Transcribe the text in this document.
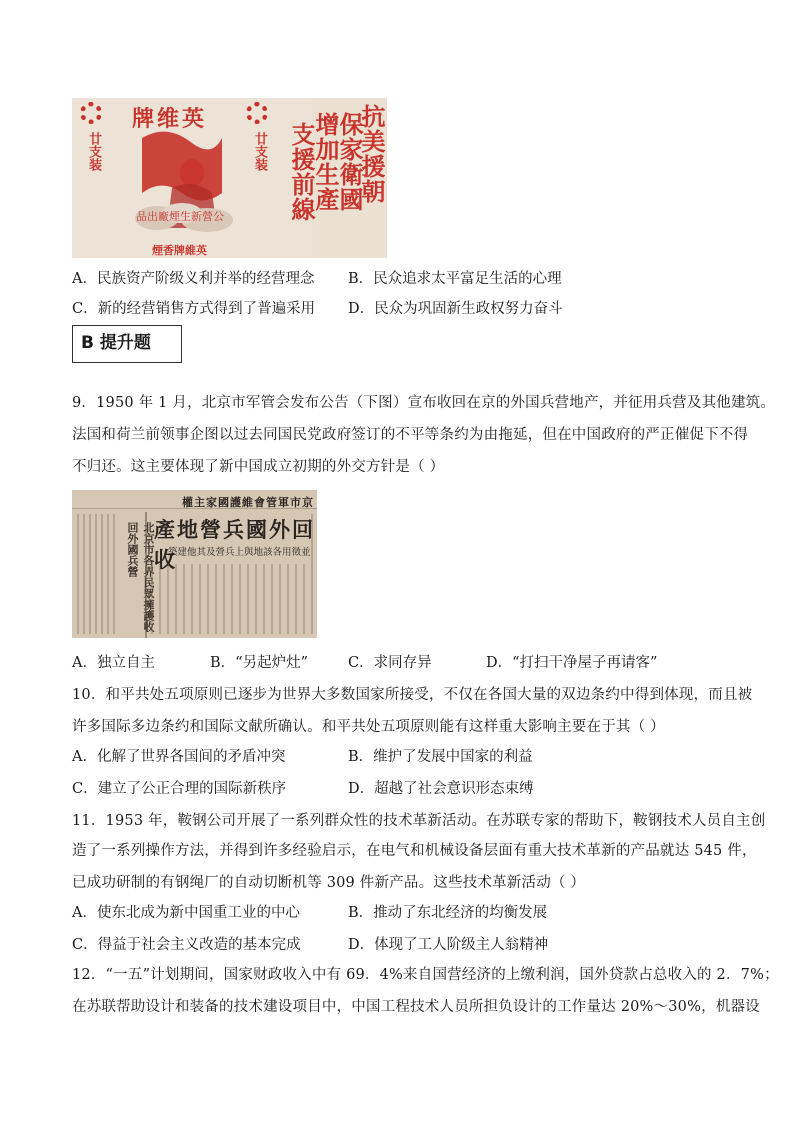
牌维英
廿支装	廿支装	抗美援朝
保家衛國
增加生產
支援前線
品出廠煙生新營公
煙香牌維英
A．民族资产阶级义利并举的经营理念 B．民众追求太平富足生活的心理
C．新的经营销售方式得到了普遍采用 D．民众为巩固新生政权努力奋斗
B 提升题
9．1950 年 1 月，北京市军管会发布公告（下图）宣布收回在京的外国兵营地产，并征用兵营及其他建筑。
法国和荷兰前领事企图以过去同国民党政府签订的不平等条约为由拖延，但在中国政府的严正催促下不得
不归还。这主要体现了新中国成立初期的外交方针是（ ）
權主家國護維會管軍市京
產地營兵國外回收
築建他其及營兵上與地該各用徵並
北京市各界民眾擁護收回外國兵營
A．独立自主	B．“另起炉灶”	C．求同存异	D．“打扫干净屋子再请客”
10．和平共处五项原则已逐步为世界大多数国家所接受，不仅在各国大量的双边条约中得到体现，而且被
许多国际多边条约和国际文献所确认。和平共处五项原则能有这样重大影响主要在于其（ ）
A．化解了世界各国间的矛盾冲突	B．维护了发展中国家的利益
C．建立了公正合理的国际新秩序	D．超越了社会意识形态束缚
11．1953 年，鞍钢公司开展了一系列群众性的技术革新活动。在苏联专家的帮助下，鞍钢技术人员自主创
造了一系列操作方法，并得到许多经验启示，在电气和机械设备层面有重大技术革新的产品就达 545 件，
已成功研制的有钢绳厂的自动切断机等 309 件新产品。这些技术革新活动（ ）
A．使东北成为新中国重工业的中心	B．推动了东北经济的均衡发展
C．得益于社会主义改造的基本完成	D．体现了工人阶级主人翁精神
12．“一五”计划期间，国家财政收入中有 69．4%来自国营经济的上缴利润，国外贷款占总收入的 2．7%；
在苏联帮助设计和装备的技术建设项目中，中国工程技术人员所担负设计的工作量达 20%～30%，机器设
